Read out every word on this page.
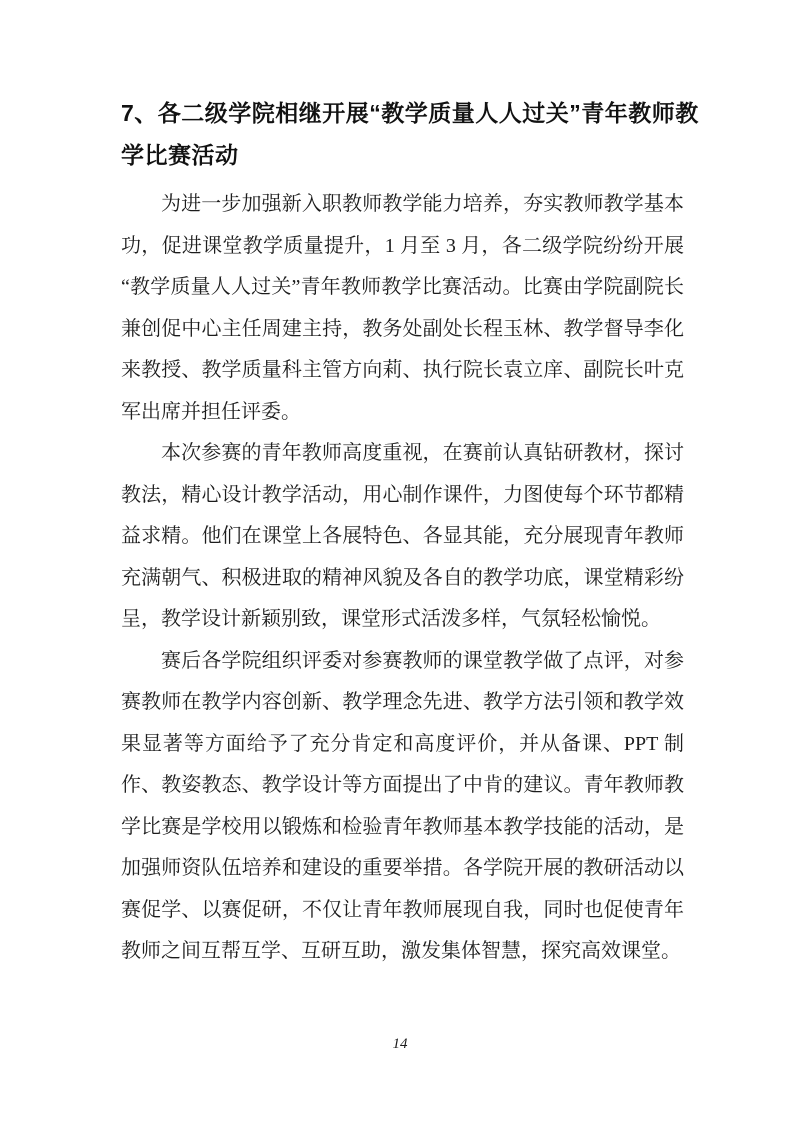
7、各二级学院相继开展“教学质量人人过关”青年教师教学比赛活动

为进一步加强新入职教师教学能力培养，夯实教师教学基本功，促进课堂教学质量提升，1 月至 3 月，各二级学院纷纷开展 “教学质量人人过关”青年教师教学比赛活动。比赛由学院副院长兼创促中心主任周建主持，教务处副处长程玉林、教学督导李化来教授、教学质量科主管方向莉、执行院长袁立庠、副院长叶克军出席并担任评委。

本次参赛的青年教师高度重视，在赛前认真钻研教材，探讨教法，精心设计教学活动，用心制作课件，力图使每个环节都精益求精。他们在课堂上各展特色、各显其能，充分展现青年教师充满朝气、积极进取的精神风貌及各自的教学功底，课堂精彩纷呈，教学设计新颖别致，课堂形式活泼多样，气氛轻松愉悦。

赛后各学院组织评委对参赛教师的课堂教学做了点评，对参赛教师在教学内容创新、教学理念先进、教学方法引领和教学效果显著等方面给予了充分肯定和高度评价，并从备课、PPT 制作、教姿教态、教学设计等方面提出了中肯的建议。青年教师教学比赛是学校用以锻炼和检验青年教师基本教学技能的活动，是加强师资队伍培养和建设的重要举措。各学院开展的教研活动以赛促学、以赛促研，不仅让青年教师展现自我，同时也促使青年教师之间互帮互学、互研互助，激发集体智慧，探究高效课堂。

14
